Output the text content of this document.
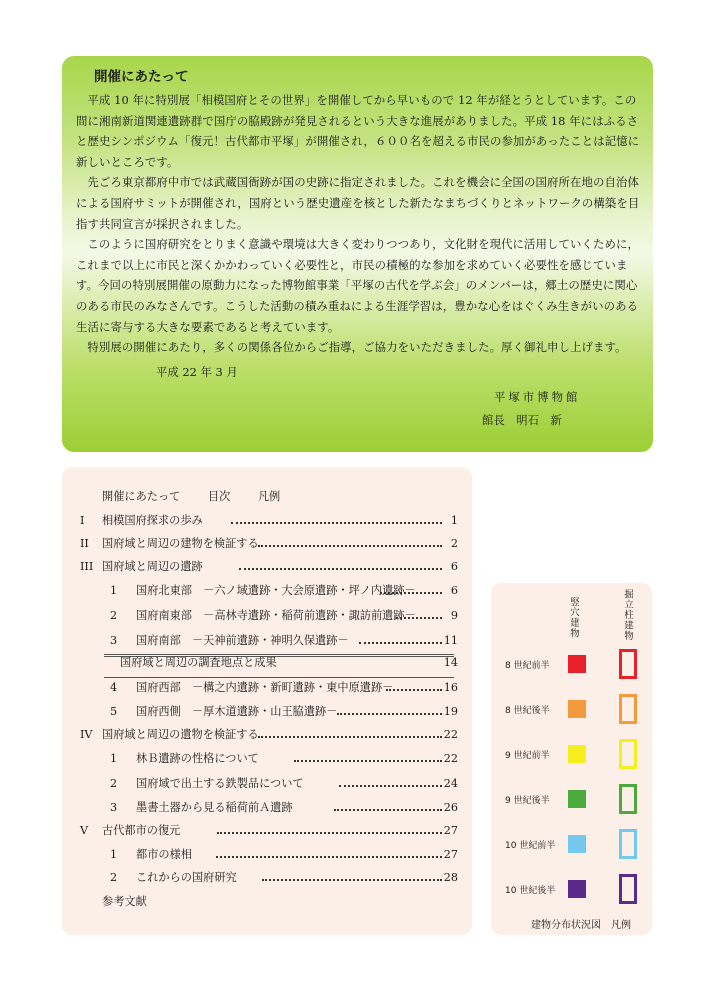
開催にあたって

平成 10 年に特別展「相模国府とその世界」を開催してから早いもので 12 年が経とうとしています。この間に湘南新道関連遺跡群で国庁の脇殿跡が発見されるという大きな進展がありました。平成 18 年にはふるさと歴史シンポジウム「復元！古代都市平塚」が開催され，６００名を超える市民の参加があったことは記憶に新しいところです。

先ごろ東京都府中市では武蔵国衙跡が国の史跡に指定されました。これを機会に全国の国府所在地の自治体による国府サミットが開催され，国府という歴史遺産を核とした新たなまちづくりとネットワークの構築を目指す共同宣言が採択されました。

このように国府研究をとりまく意識や環境は大きく変わりつつあり，文化財を現代に活用していくために，これまで以上に市民と深くかかわっていく必要性と，市民の積極的な参加を求めていく必要性を感じています。今回の特別展開催の原動力になった博物館事業「平塚の古代を学ぶ会」のメンバーは，郷土の歴史に関心のある市民のみなさんです。こうした活動の積み重ねによる生涯学習は，豊かな心をはぐくみ生きがいのある生活に寄与する大きな要素であると考えています。

特別展の開催にあたり，多くの関係各位からご指導，ご協力をいただきました。厚く御礼申し上げます。

平成 22 年 3 月
平塚市博物館
館長　明石　新
開催にあたって 目次 凡例
I 相模国府探求の歩み	1
II 国府域と周辺の建物を検証する	2
III 国府域と周辺の遺跡	6
1 国府北東部　－六ノ域遺跡・大会原遺跡・坪ノ内遺跡－	6
2 国府南東部　－高林寺遺跡・稲荷前遺跡・諏訪前遺跡－	9
3 国府南部　－天神前遺跡・神明久保遺跡－	11
国府域と周辺の調査地点と成果	14
4 国府西部　－構之内遺跡・新町遺跡・東中原遺跡－	16
5 国府西側　－厚木道遺跡・山王脇遺跡－	19
IV 国府域と周辺の遺物を検証する	22
1 林Ｂ遺跡の性格について	22
2 国府域で出土する鉄製品について	24
3 墨書土器から見る稲荷前Ａ遺跡	26
V 古代都市の復元	27
1 都市の様相	27
2 これからの国府研究	28
参考文献
竪穴建物	掘立柱建物
建物分布状況図　凡例
8 世紀前半
8 世紀後半
9 世紀前半
9 世紀後半
10 世紀前半
10 世紀後半
